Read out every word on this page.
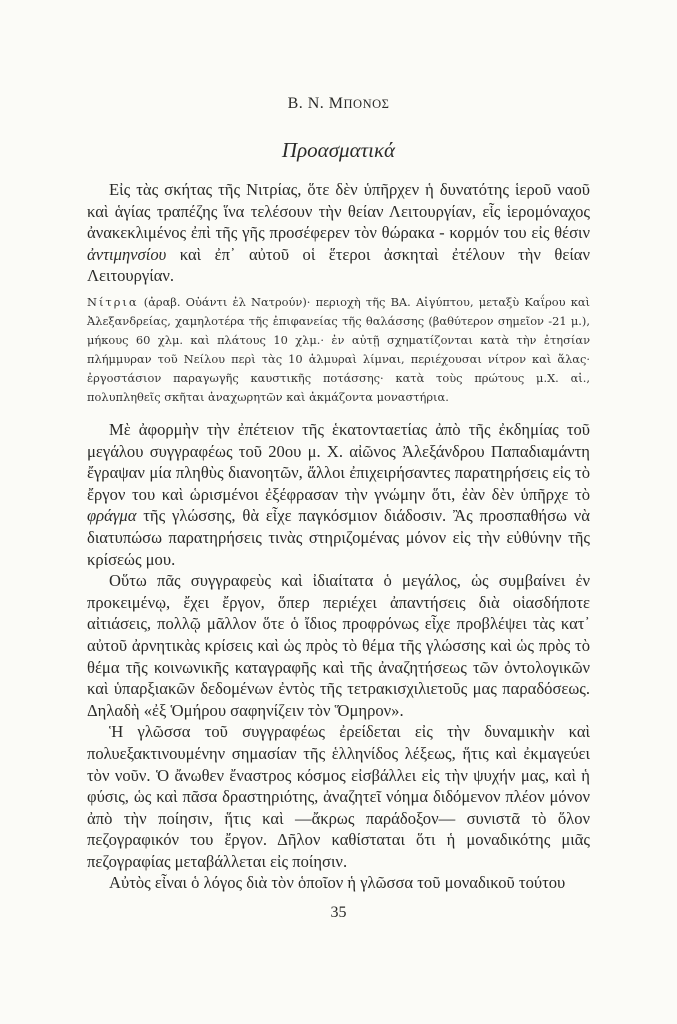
B. N. MΠΟΝΟΣ
Προασματικά

Εἰς τὰς σκήτας τῆς Νιτρίας, ὅτε δὲν ὑπῆρχεν ἡ δυνατότης ἱεροῦ ναοῦ καὶ ἁγίας τραπέζης ἵνα τελέσουν τὴν θείαν Λειτουργίαν, εἷς ἱερομόναχος ἀνακεκλιμένος ἐπὶ τῆς γῆς προσέφερεν τὸν θώρακα - κορμόν του εἰς θέσιν ἀντιμηνσίου καὶ ἐπ᾽ αὐτοῦ οἱ ἕτεροι ἀσκηταὶ ἐτέλουν τὴν θείαν Λειτουργίαν.

Νίτρια (ἀραβ. Οὐάντι ἐλ Νατρούν)· περιοχὴ τῆς ΒΑ. Αἰγύπτου, μεταξὺ Καΐρου καὶ Ἀλεξανδρείας, χαμηλοτέρα τῆς ἐπιφανείας τῆς θαλάσσης (βαθύτερον σημεῖον -21 μ.), μήκους 60 χλμ. καὶ πλάτους 10 χλμ.· ἐν αὐτῇ σχηματίζονται κατὰ τὴν ἐτησίαν πλήμμυραν τοῦ Νείλου περὶ τὰς 10 ἁλμυραὶ λίμναι, περιέχουσαι νίτρον καὶ ἅλας· ἐργοστάσιον παραγωγῆς καυστικῆς ποτάσσης· κατὰ τοὺς πρώτους μ.Χ. αἰ., πολυπληθεῖς σκῆται ἀναχωρητῶν καὶ ἀκμάζοντα μοναστήρια.

Μὲ ἀφορμὴν τὴν ἐπέτειον τῆς ἑκατονταετίας ἀπὸ τῆς ἐκδημίας τοῦ μεγάλου συγγραφέως τοῦ 20ου μ. Χ. αἰῶνος Ἀλεξάνδρου Παπαδιαμάντη ἔγραψαν μία πληθὺς διανοητῶν, ἄλλοι ἐπιχειρήσαντες παρατηρήσεις εἰς τὸ ἔργον του καὶ ὡρισμένοι ἐξέφρασαν τὴν γνώμην ὅτι, ἐὰν δὲν ὑπῆρχε τὸ φράγμα τῆς γλώσσης, θὰ εἶχε παγκόσμιον διάδοσιν. Ἂς προσπαθήσω νὰ διατυπώσω παρατηρήσεις τινὰς στηριζομένας μόνον εἰς τὴν εὐθύνην τῆς κρίσεώς μου.

Οὕτω πᾶς συγγραφεὺς καὶ ἰδιαίτατα ὁ μεγάλος, ὡς συμβαίνει ἐν προκειμένῳ, ἔχει ἔργον, ὅπερ περιέχει ἀπαντήσεις διὰ οἱασδήποτε αἰτιάσεις, πολλῷ μᾶλλον ὅτε ὁ ἴδιος προφρόνως εἶχε προβλέψει τὰς κατ᾽ αὐτοῦ ἀρνητικὰς κρίσεις καὶ ὡς πρὸς τὸ θέμα τῆς γλώσσης καὶ ὡς πρὸς τὸ θέμα τῆς κοινωνικῆς καταγραφῆς καὶ τῆς ἀναζητήσεως τῶν ὀντολογικῶν καὶ ὑπαρξιακῶν δεδομένων ἐντὸς τῆς τετρακισχιλιετοῦς μας παραδόσεως. Δηλαδὴ «ἐξ Ὁμήρου σαφηνίζειν τὸν Ὅμηρον».

Ἡ γλῶσσα τοῦ συγγραφέως ἐρείδεται εἰς τὴν δυναμικὴν καὶ πολυεξακτινουμένην σημασίαν τῆς ἑλληνίδος λέξεως, ἥτις καὶ ἐκμαγεύει τὸν νοῦν. Ὁ ἄνωθεν ἔναστρος κόσμος εἰσβάλλει εἰς τὴν ψυχήν μας, καὶ ἡ φύσις, ὡς καὶ πᾶσα δραστηριότης, ἀναζητεῖ νόημα διδόμενον πλέον μόνον ἀπὸ τὴν ποίησιν, ἥτις καὶ —ἄκρως παράδοξον— συνιστᾶ τὸ ὅλον πεζογραφικόν του ἔργον. Δῆλον καθίσταται ὅτι ἡ μοναδικότης μιᾶς πεζογραφίας μεταβάλλεται εἰς ποίησιν.

Αὐτὸς εἶναι ὁ λόγος διὰ τὸν ὁποῖον ἡ γλῶσσα τοῦ μοναδικοῦ τούτου

35
